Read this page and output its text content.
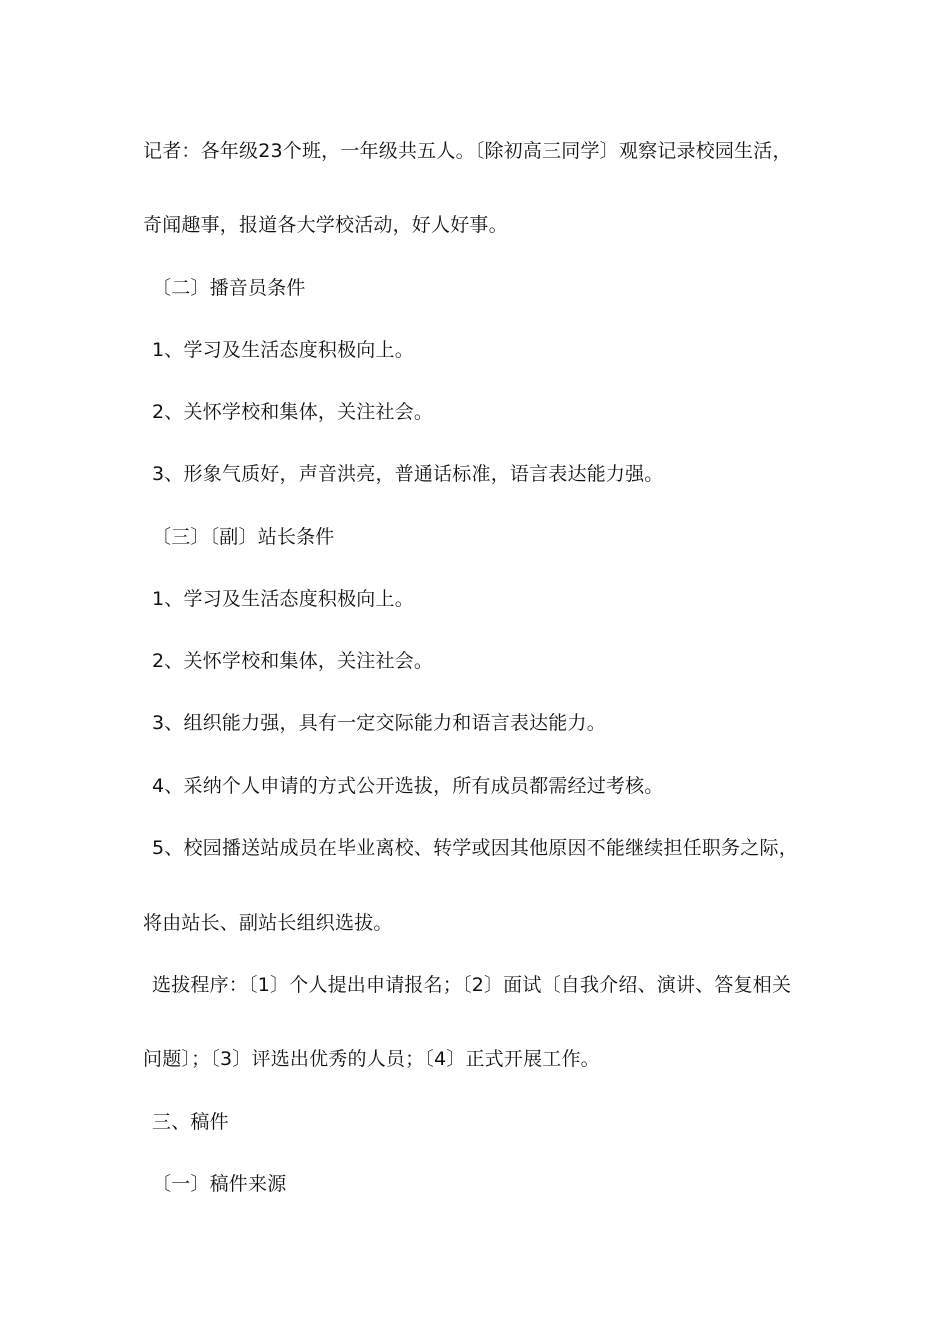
记者：各年级23个班，一年级共五人。〔除初高三同学〕观察记录校园生活，
奇闻趣事，报道各大学校活动，好人好事。
〔二〕播音员条件
1、学习及生活态度积极向上。
2、关怀学校和集体，关注社会。
3、形象气质好，声音洪亮，普通话标准，语言表达能力强。
〔三〕〔副〕站长条件
1、学习及生活态度积极向上。
2、关怀学校和集体，关注社会。
3、组织能力强，具有一定交际能力和语言表达能力。
4、采纳个人申请的方式公开选拔，所有成员都需经过考核。
5、校园播送站成员在毕业离校、转学或因其他原因不能继续担任职务之际，
将由站长、副站长组织选拔。
选拔程序：〔1〕个人提出申请报名；〔2〕面试〔自我介绍、演讲、答复相关
问题〕；〔3〕评选出优秀的人员；〔4〕正式开展工作。
三、稿件
〔一〕稿件来源
